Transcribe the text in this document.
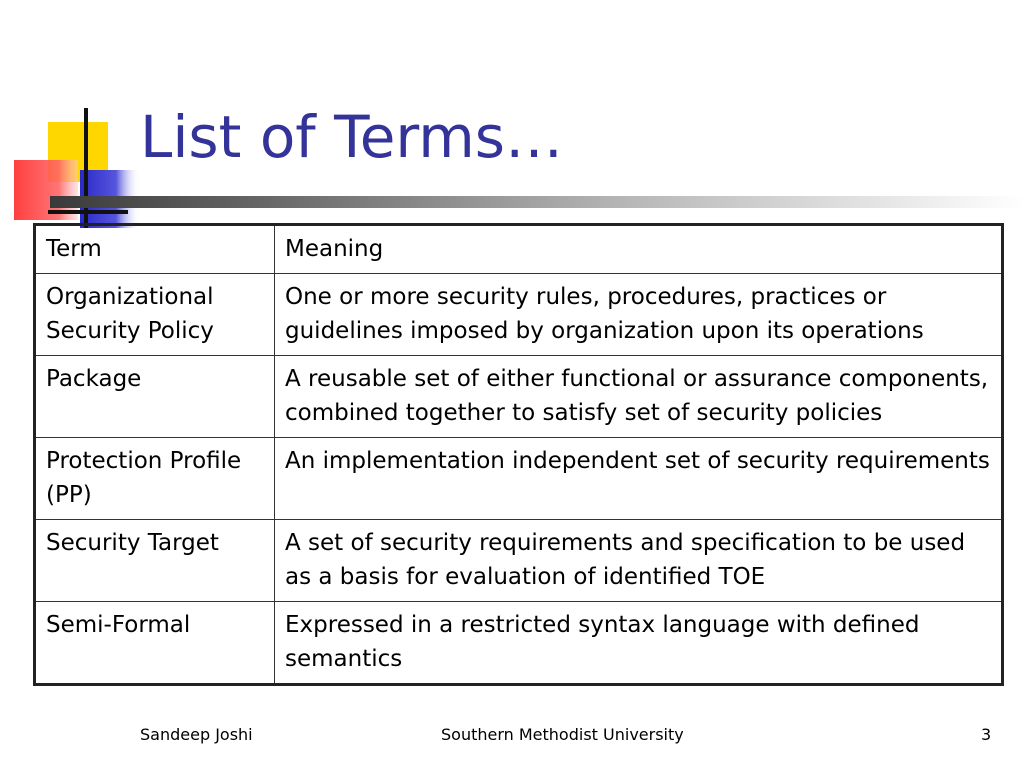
List of Terms…
Term	Meaning
Organizational Security Policy	One or more security rules, procedures, practices or guidelines imposed by organization upon its operations
Package	A reusable set of either functional or assurance components, combined together to satisfy set of security policies
Protection Profile (PP)	An implementation independent set of security requirements
Security Target	A set of security requirements and specification to be used as a basis for evaluation of identified TOE
Semi-Formal	Expressed in a restricted syntax language with defined semantics
Sandeep Joshi	Southern Methodist University	3
